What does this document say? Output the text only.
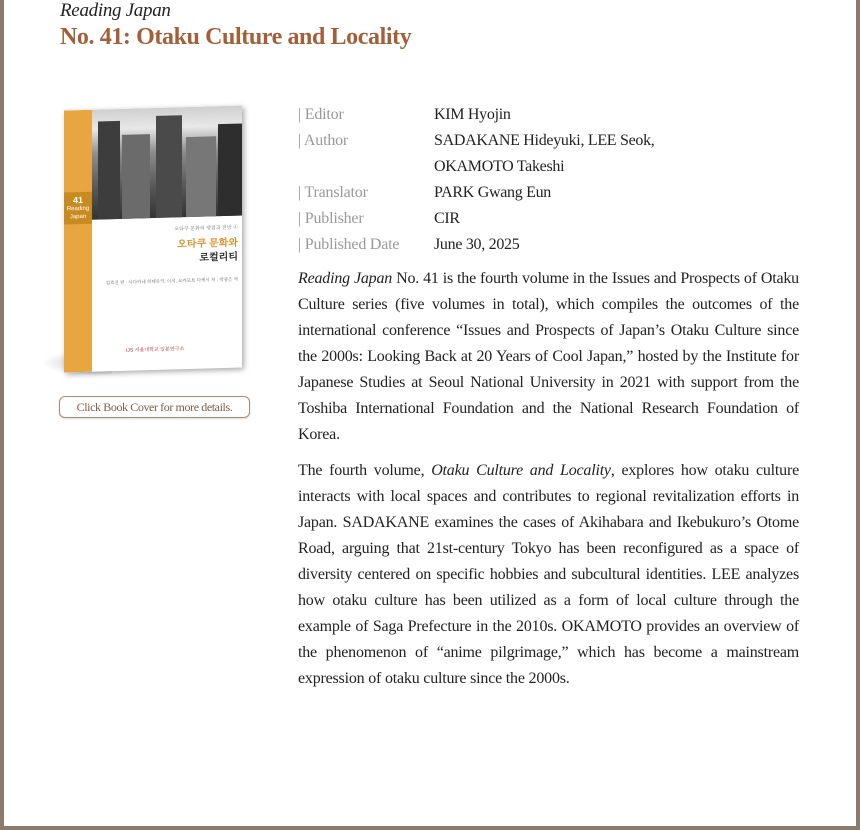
Reading Japan
No. 41: Otaku Culture and Locality
41
Reading Japan
오타쿠 문화의 쟁점과 전망 ④
오타쿠 문화와
로컬리티
김효진 편 · 사다카네 히데유키, 이석, 오카모토 다케시 저 · 박광은 역
IJS 서울대학교 일본연구소
Click Book Cover for more details.
| Editor	KIM Hyojin
| Author	SADAKANE Hideyuki, LEE Seok, OKAMOTO Takeshi
| Translator	PARK Gwang Eun
| Publisher	CIR
| Published Date June 30, 2025

Reading Japan No. 41 is the fourth volume in the Issues and Prospects of Otaku Culture series (five volumes in total), which compiles the outcomes of the international conference “Issues and Prospects of Japan’s Otaku Culture since the 2000s: Looking Back at 20 Years of Cool Japan,” hosted by the Institute for Japanese Studies at Seoul National University in 2021 with support from the Toshiba International Foundation and the National Research Foundation of Korea.

The fourth volume, Otaku Culture and Locality, explores how otaku culture interacts with local spaces and contributes to regional revitalization efforts in Japan. SADAKANE examines the cases of Akihabara and Ikebukuro’s Otome Road, arguing that 21st-century Tokyo has been reconfigured as a space of diversity centered on specific hobbies and subcultural identities. LEE analyzes how otaku culture has been utilized as a form of local culture through the example of Saga Prefecture in the 2010s. OKAMOTO provides an overview of the phenomenon of “anime pilgrimage,” which has become a mainstream expression of otaku culture since the 2000s.
